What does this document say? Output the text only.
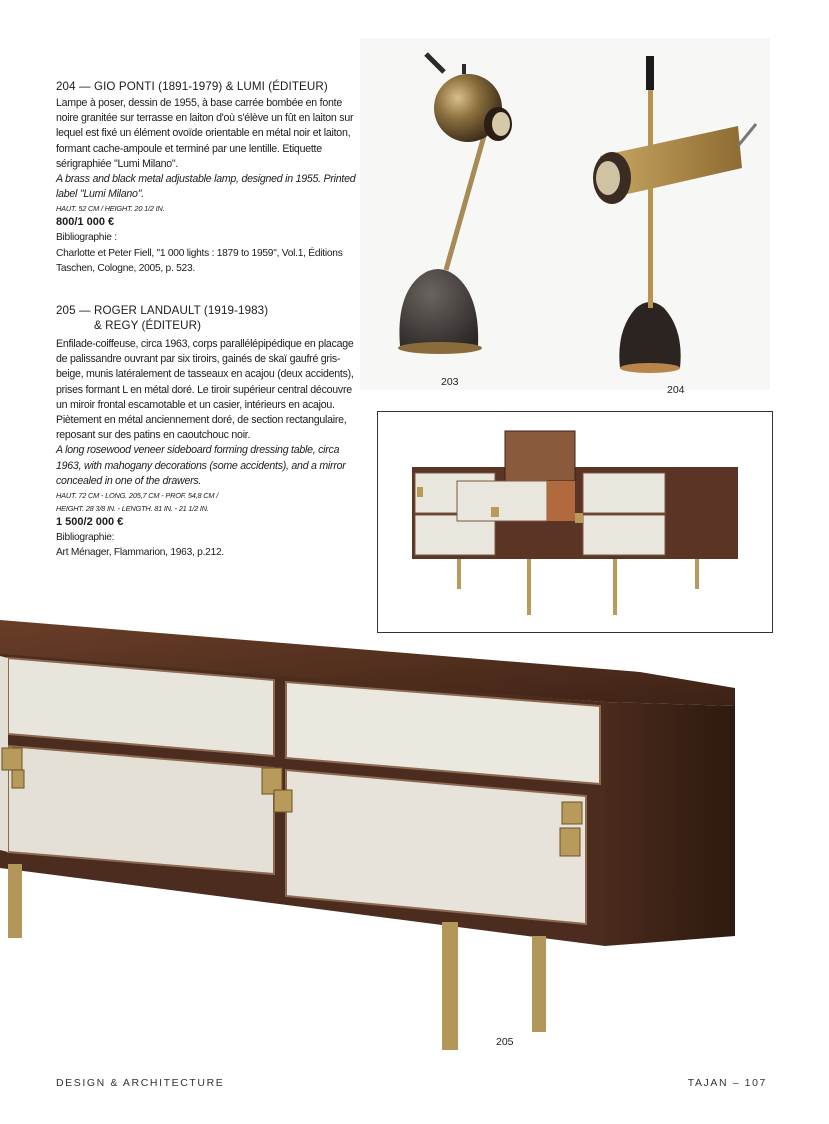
204 — GIO PONTI (1891-1979) & LUMI (ÉDITEUR)

Lampe à poser, dessin de 1955, à base carrée bombée en fonte noire granitée sur terrasse en laiton d'où s'élève un fût en laiton sur lequel est fixé un élément ovoïde orientable en métal noir et laiton, formant cache-ampoule et terminé par une lentille. Etiquette sérigraphiée "Lumi Milano".

A brass and black metal adjustable lamp, designed in 1955. Printed label "Lumi Milano".

HAUT. 52 CM / HEIGHT. 20 1/2 IN.

800/1 000 €

Bibliographie :

Charlotte et Peter Fiell, "1 000 lights : 1879 to 1959", Vol.1, Éditions Taschen, Cologne, 2005, p. 523.

205 — ROGER LANDAULT (1919-1983)

& REGY (ÉDITEUR)

Enfilade-coiffeuse, circa 1963, corps parallélépipédique en placage de palissandre ouvrant par six tiroirs, gainés de skaï gaufré gris-beige, munis latéralement de tasseaux en acajou (deux accidents), prises formant L en métal doré. Le tiroir supérieur central découvre un miroir frontal escamotable et un casier, intérieurs en acajou. Piètement en métal anciennement doré, de section rectangulaire, reposant sur des patins en caoutchouc noir.

A long rosewood veneer sideboard forming dressing table, circa 1963, with mahogany decorations (some accidents), and a mirror concealed in one of the drawers.

HAUT. 72 CM - LONG. 205,7 CM - PROF. 54,8 CM /

HEIGHT. 28 3/8 IN. - LENGTH. 81 IN. - 21 1/2 IN.

1 500/2 000 €

Bibliographie:

Art Ménager, Flammarion, 1963, p.212.

203
204
205
DESIGN & ARCHITECTURE	TAJAN – 107
